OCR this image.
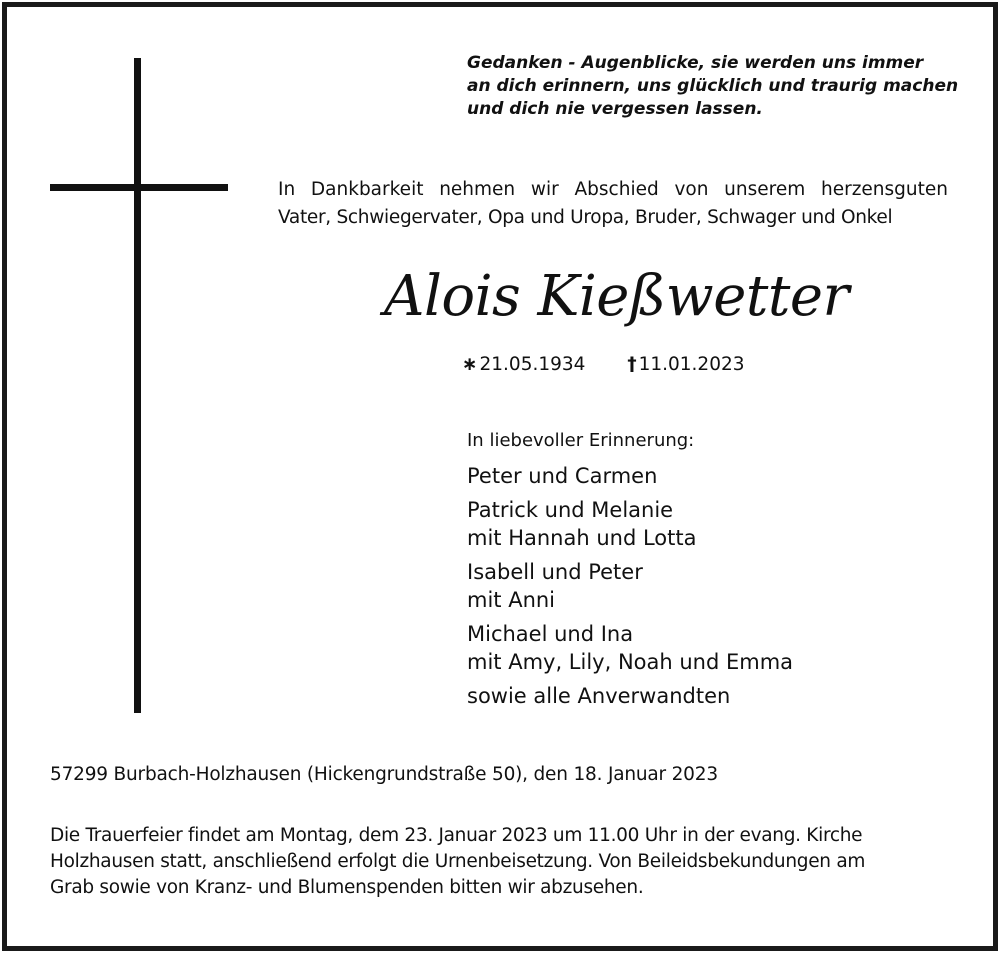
Gedanken - Augenblicke, sie werden uns immer
an dich erinnern, uns glücklich und traurig machen
und dich nie vergessen lassen.
In Dankbarkeit nehmen wir Abschied von unserem herzensguten
Vater, Schwiegervater, Opa und Uropa, Bruder, Schwager und Onkel
Alois Kießwetter
∗ 21.05.1934 † 11.01.2023
In liebevoller Erinnerung:
Peter und Carmen
Patrick und Melanie
mit Hannah und Lotta
Isabell und Peter
mit Anni
Michael und Ina
mit Amy, Lily, Noah und Emma
sowie alle Anverwandten
57299 Burbach-Holzhausen (Hickengrundstraße 50), den 18. Januar 2023
Die Trauerfeier findet am Montag, dem 23. Januar 2023 um 11.00 Uhr in der evang. Kirche
Holzhausen statt, anschließend erfolgt die Urnenbeisetzung. Von Beileidsbekundungen am
Grab sowie von Kranz- und Blumenspenden bitten wir abzusehen.
